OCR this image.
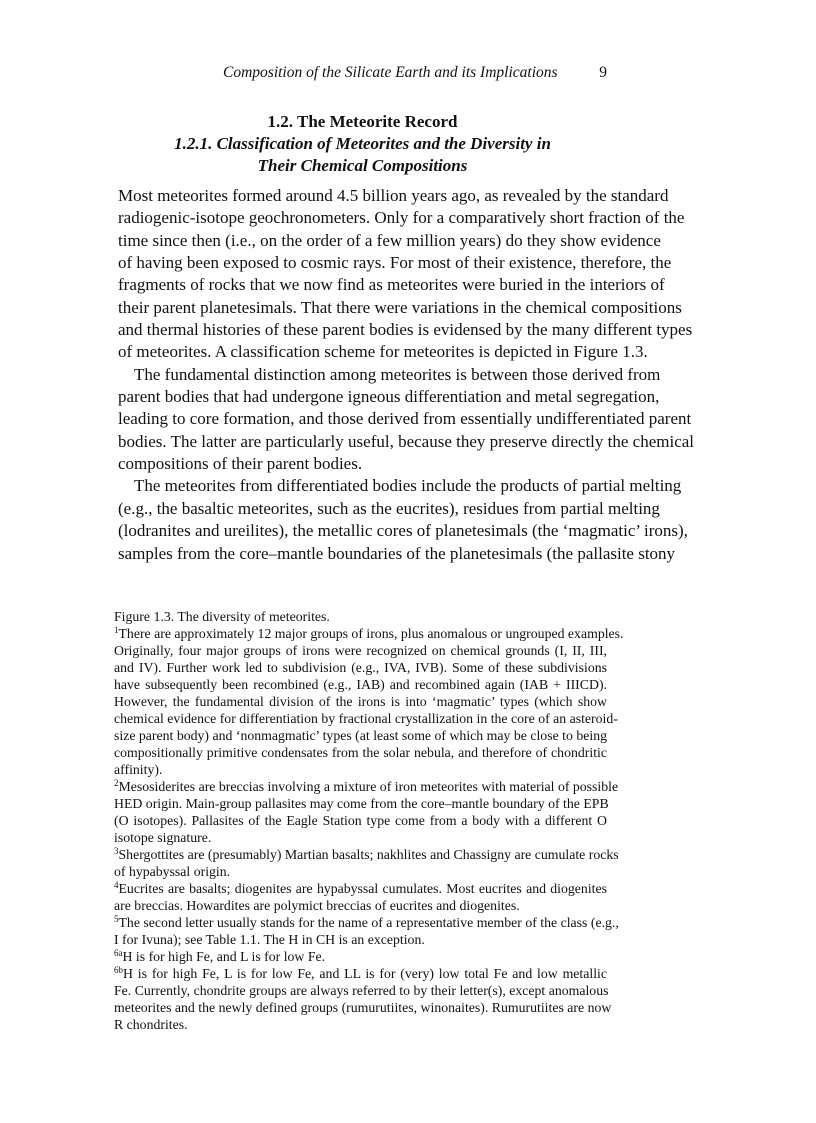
Composition of the Silicate Earth and its Implications	9
1.2. The Meteorite Record
1.2.1. Classification of Meteorites and the Diversity in
Their Chemical Compositions
Most meteorites formed around 4.5 billion years ago, as revealed by the standard
radiogenic-isotope geochronometers. Only for a comparatively short fraction of the
time since then (i.e., on the order of a few million years) do they show evidence
of having been exposed to cosmic rays. For most of their existence, therefore, the
fragments of rocks that we now find as meteorites were buried in the interiors of
their parent planetesimals. That there were variations in the chemical compositions
and thermal histories of these parent bodies is evidensed by the many different types
of meteorites. A classification scheme for meteorites is depicted in Figure 1.3.
The fundamental distinction among meteorites is between those derived from
parent bodies that had undergone igneous differentiation and metal segregation,
leading to core formation, and those derived from essentially undifferentiated parent
bodies. The latter are particularly useful, because they preserve directly the chemical
compositions of their parent bodies.
The meteorites from differentiated bodies include the products of partial melting
(e.g., the basaltic meteorites, such as the eucrites), residues from partial melting
(lodranites and ureilites), the metallic cores of planetesimals (the ‘magmatic’ irons),
samples from the core–mantle boundaries of the planetesimals (the pallasite stony
Figure 1.3. The diversity of meteorites.
$^1$There are approximately 12 major groups of irons, plus anomalous or ungrouped examples.
Originally, four major groups of irons were recognized on chemical grounds (I, II, III,
and IV). Further work led to subdivision (e.g., IVA, IVB). Some of these subdivisions
have subsequently been recombined (e.g., IAB) and recombined again (IAB + IIICD).
However, the fundamental division of the irons is into ‘magmatic’ types (which show
chemical evidence for differentiation by fractional crystallization in the core of an asteroid-
size parent body) and ‘nonmagmatic’ types (at least some of which may be close to being
compositionally primitive condensates from the solar nebula, and therefore of chondritic
affinity).
$^2$Mesosiderites are breccias involving a mixture of iron meteorites with material of possible
HED origin. Main-group pallasites may come from the core–mantle boundary of the EPB
(O isotopes). Pallasites of the Eagle Station type come from a body with a different O
isotope signature.
$^3$Shergottites are (presumably) Martian basalts; nakhlites and Chassigny are cumulate rocks
of hypabyssal origin.
$^4$Eucrites are basalts; diogenites are hypabyssal cumulates. Most eucrites and diogenites
are breccias. Howardites are polymict breccias of eucrites and diogenites.
$^5$The second letter usually stands for the name of a representative member of the class (e.g.,
I for Ivuna); see Table 1.1. The H in CH is an exception.
$^{6a}$H is for high Fe, and L is for low Fe.
$^{6b}$H is for high Fe, L is for low Fe, and LL is for (very) low total Fe and low metallic
Fe. Currently, chondrite groups are always referred to by their letter(s), except anomalous
meteorites and the newly defined groups (rumurutiites, winonaites). Rumurutiites are now
R chondrites.
